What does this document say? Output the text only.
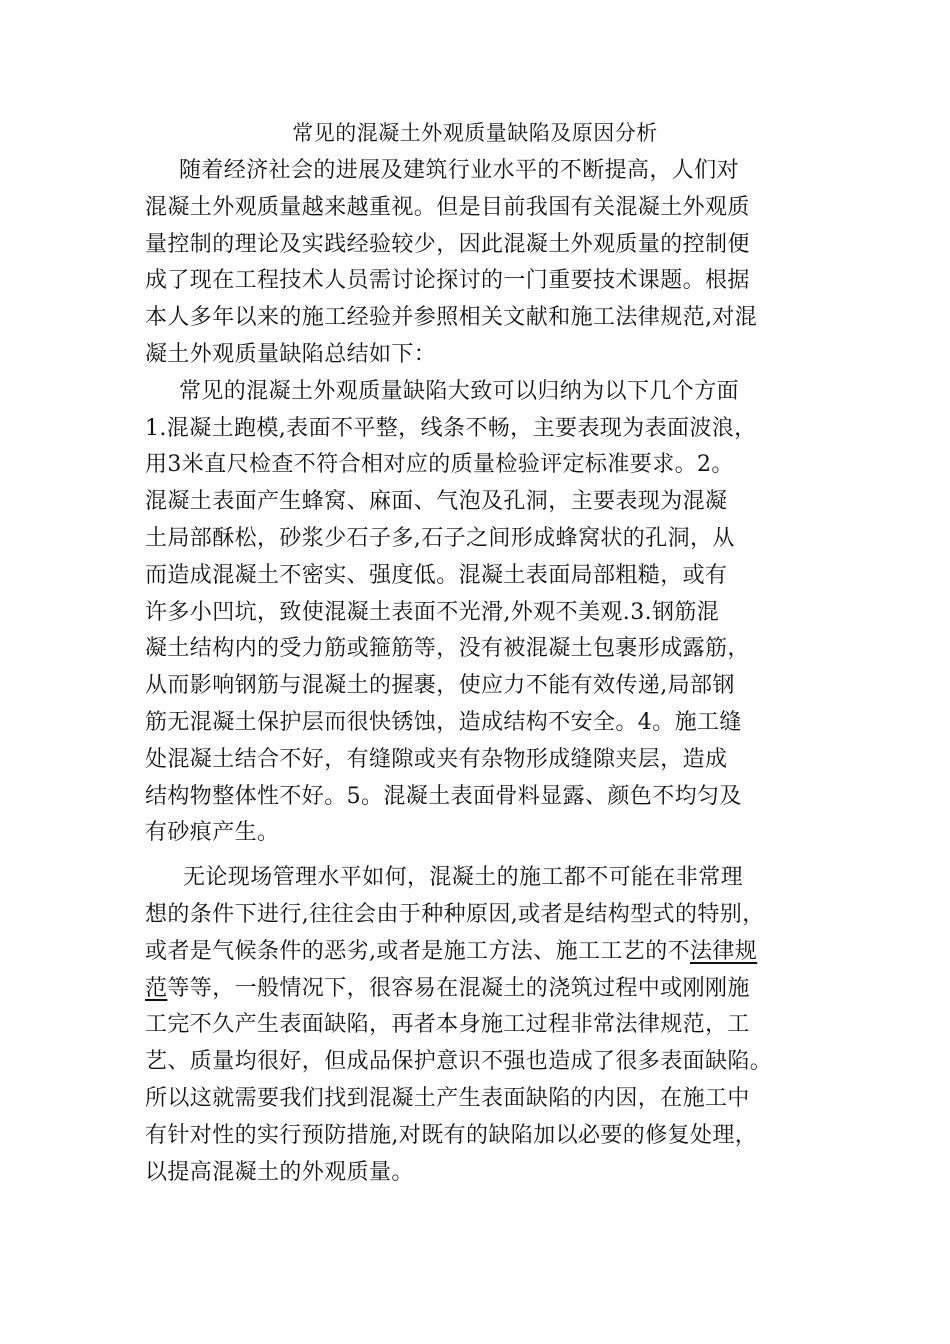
常见的混凝土外观质量缺陷及原因分析
随着经济社会的进展及建筑行业水平的不断提高，人们对
混凝土外观质量越来越重视。但是目前我国有关混凝土外观质
量控制的理论及实践经验较少，因此混凝土外观质量的控制便
成了现在工程技术人员需讨论探讨的一门重要技术课题。根据
本人多年以来的施工经验并参照相关文献和施工法律规范,对混
凝土外观质量缺陷总结如下：
常见的混凝土外观质量缺陷大致可以归纳为以下几个方面
1.混凝土跑模,表面不平整，线条不畅，主要表现为表面波浪，
用3米直尺检查不符合相对应的质量检验评定标准要求。2。
混凝土表面产生蜂窝、麻面、气泡及孔洞，主要表现为混凝
土局部酥松，砂浆少石子多,石子之间形成蜂窝状的孔洞，从
而造成混凝土不密实、强度低。混凝土表面局部粗糙，或有
许多小凹坑，致使混凝土表面不光滑,外观不美观.3.钢筋混
凝土结构内的受力筋或箍筋等，没有被混凝土包裹形成露筋，
从而影响钢筋与混凝土的握裹，使应力不能有效传递,局部钢
筋无混凝土保护层而很快锈蚀，造成结构不安全。4。施工缝
处混凝土结合不好，有缝隙或夹有杂物形成缝隙夹层，造成
结构物整体性不好。5。混凝土表面骨料显露、颜色不均匀及
有砂痕产生。
无论现场管理水平如何，混凝土的施工都不可能在非常理
想的条件下进行,往往会由于种种原因,或者是结构型式的特别，
或者是气候条件的恶劣,或者是施工方法、施工工艺的不法律规
范等等，一般情况下，很容易在混凝土的浇筑过程中或刚刚施
工完不久产生表面缺陷，再者本身施工过程非常法律规范，工
艺、质量均很好，但成品保护意识不强也造成了很多表面缺陷。
所以这就需要我们找到混凝土产生表面缺陷的内因，在施工中
有针对性的实行预防措施,对既有的缺陷加以必要的修复处理，
以提高混凝土的外观质量。
